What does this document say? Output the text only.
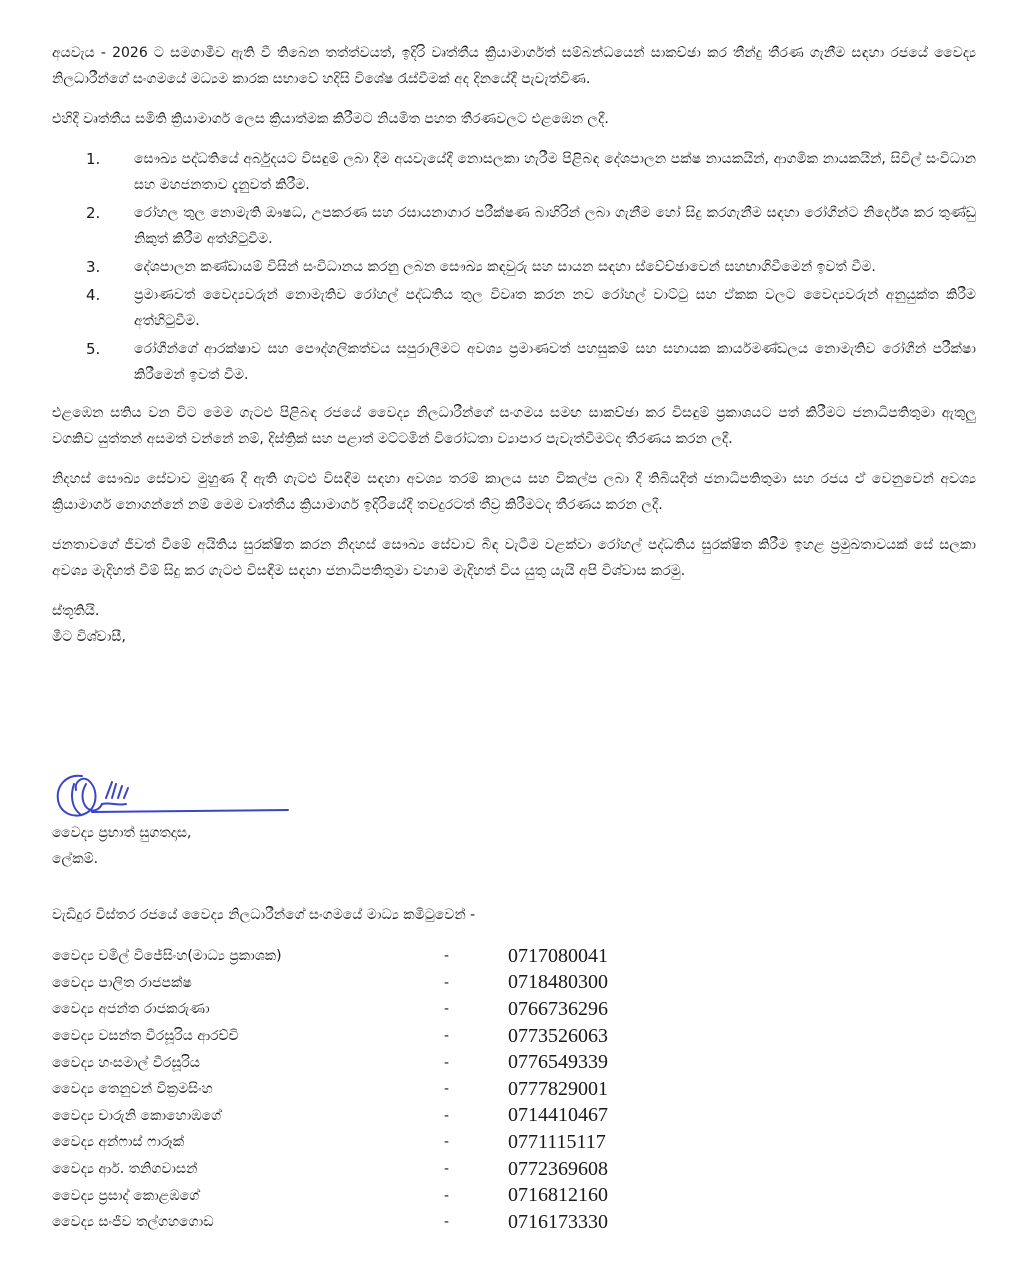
අයවැය - 2026 ට සමගාමීව ඇති වී තිබෙන තත්ත්වයත්, ඉදිරි වෘත්තීය ක්‍රියාමාර්ගත් සම්බන්ධයෙන් සාකච්ඡා කර තීන්දු තීරණ ගැනීම සඳහා රජයේ වෛද්‍ය නිලධාරීන්ගේ සංගමයේ මධ්‍යම කාරක සභාවේ හදිසි විශේෂ රැස්වීමක් අද දිනයේදී පැවැත්විණ.

එහිදී වෘත්තීය සමිති ක්‍රියාමාර්ග ලෙස ක්‍රියාත්මක කිරීමට නියමිත පහත තීරණවලට එළඹෙන ලදී.

1.	සෞඛ්‍ය පද්ධතියේ අර්බුදයට විසඳුම් ලබා දීම අයවැයේදී නොසලකා හැරීම පිළිබඳ දේශපාලන පක්ෂ නායකයින්, ආගමික නායකයින්, සිවිල් සංවිධාන සහ මහජනතාව දැනුවත් කිරීම.
2.	රෝහල තුල නොමැති ඖෂධ, උපකරණ සහ රසායනාගාර පරීක්ෂණ බාහිරින් ලබා ගැනීම හෝ සිදු කරගැනීම සඳහා රෝගීන්ට නිර්දේශ කර තුණ්ඩු නිකුත් කිරීම අත්හිටුවීම.
3.	දේශපාලන කණ්ඩායම් විසින් සංවිධානය කරනු ලබන සෞඛ්‍ය කඳවුරු සහ සායන සඳහා ස්වේච්ඡාවෙන් සහභාගිවීමෙන් ඉවත් වීම.
4.	ප්‍රමාණවත් වෛද්‍යවරුන් නොමැතිව රෝහල් පද්ධතිය තුල විවෘත කරන නව රෝහල් වාට්ටු සහ ඒකක වලට වෛද්‍යවරුන් අනුයුක්ත කිරීම අත්හිටුවීම.
5.	රෝගීන්ගේ ආරක්ෂාව සහ පෞද්ගලිකත්වය සපුරාලීමට අවශ්‍ය ප්‍රමාණවත් පහසුකම් සහ සහායක කාර්යමණ්ඩලය නොමැතිව රෝගීන් පරීක්ෂා කිරීමෙන් ඉවත් වීම.

එළඹෙන සතිය වන විට මෙම ගැටළු පිළිබඳ රජයේ වෛද්‍ය නිලධාරීන්ගේ සංගමය සමඟ සාකච්ඡා කර විසඳුම් ප්‍රකාශයට පත් කිරීමට ජනාධිපතිතුමා ඇතුලු වගකිව යුත්තන් අසමත් වන්නේ නම්, දිස්ත්‍රික් සහ පළාත් මට්ටමින් විරෝධතා ව්‍යාපාර පැවැත්වීමටද තීරණය කරන ලදී.

නිදහස් සෞඛ්‍ය සේවාව මුහුණ දී ඇති ගැටළු විසඳීම සඳහා අවශ්‍ය තරම් කාලය සහ විකල්ප ලබා දී තිබියදීත් ජනාධිපතිතුමා සහ රජය ඒ වෙනුවෙන් අවශ්‍ය ක්‍රියාමාර්ග නොගන්නේ නම් මෙම වෘත්තීය ක්‍රියාමාර්ග ඉදිරියේදී තවදුරටත් තීව්‍ර කිරීමටද තීරණය කරන ලදී.

ජනතාවගේ ජීවත් වීමේ අයිතිය සුරක්ෂිත කරන නිදහස් සෞඛ්‍ය සේවාව බිඳ වැටීම වළක්වා රෝහල් පද්ධතිය සුරක්ෂිත කිරීම ඉහළ ප්‍රමුඛතාවයක් සේ සලකා අවශ්‍ය මැදිහත් වීම් සිදු කර ගැටළු විසඳීම සඳහා ජනාධිපතිතුමා වහාම මැදිහත් විය යුතු යැයි අපි විශ්වාස කරමු.

ස්තූතියි.
මීට විශ්වාසී,
වෛද්‍ය ප්‍රභාත් සුගතදාස,
ලේකම්.
වැඩිදුර විස්තර රජයේ වෛද්‍ය නිලධාරීන්ගේ සංගමයේ මාධ්‍ය කමිටුවෙන් -
වෛද්‍ය චමිල් විජේසිංහ(මාධ්‍ය ප්‍රකාශක)	-	0717080041
වෛද්‍ය පාලිත රාජපක්ෂ	-	0718480300
වෛද්‍ය අජන්ත රාජකරුණා	-	0766736296
වෛද්‍ය වසන්ත වීරසූරිය ආරච්චි	-	0773526063
වෛද්‍ය හංසමාල් වීරසූරිය	-	0776549339
වෛද්‍ය තෙනුවන් වික්‍රමසිංහ	-	0777829001
වෛද්‍ය චාරුනි කොහොඹගේ	-	0714410467
වෛද්‍ය අන්ෆාස් ෆාරූක්	-	0771115117
වෛද්‍ය ආර්. තනිගවාසන්	-	0772369608
වෛද්‍ය ප්‍රසාද් කොළඹගේ	-	0716812160
වෛද්‍ය සංජීව තල්ගහගොඩ	-	0716173330
